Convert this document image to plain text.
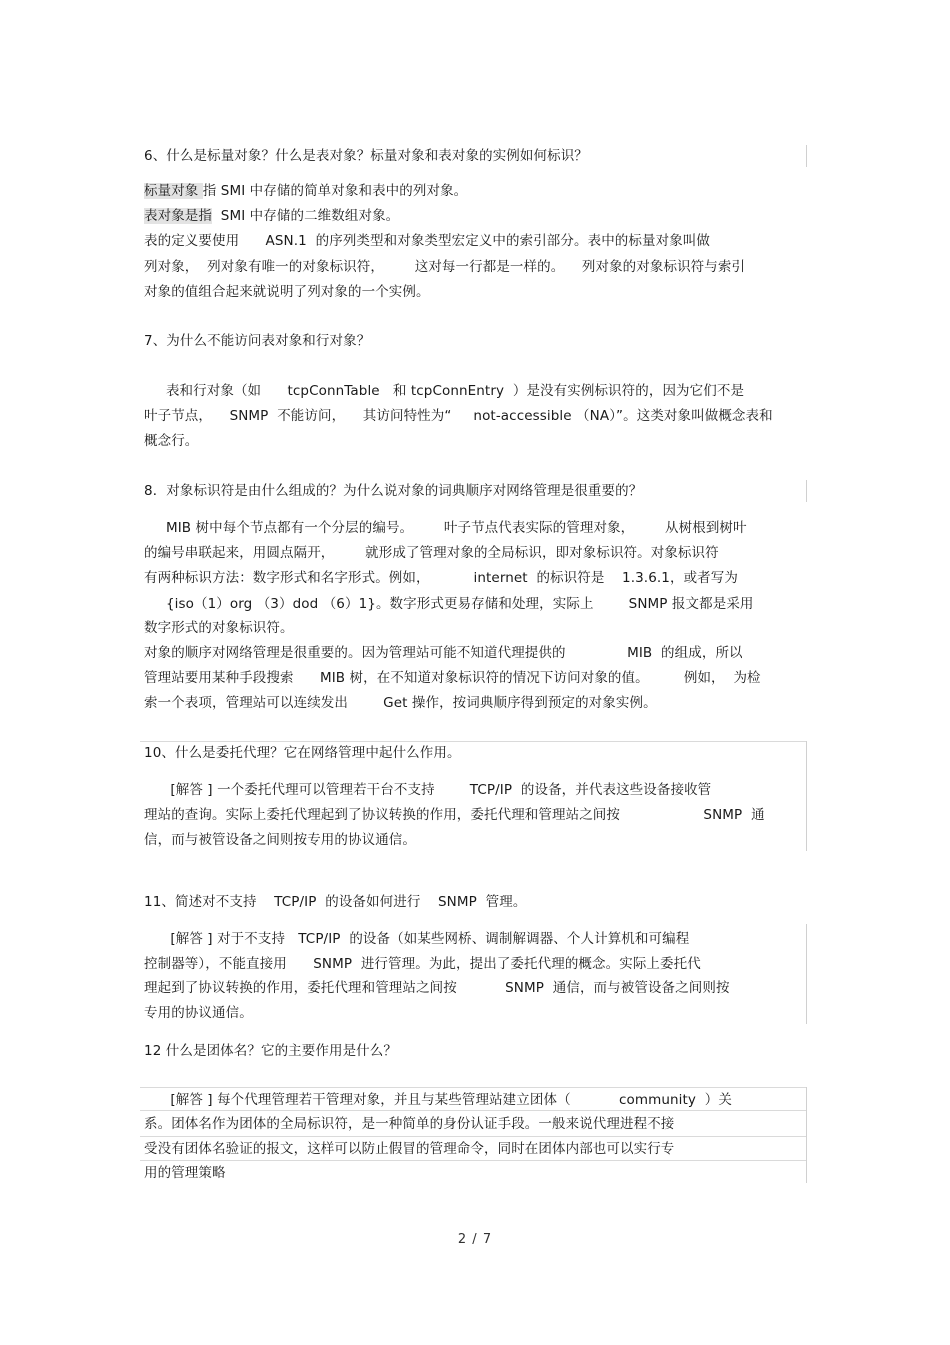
6、什么是标量对象？什么是表对象？标量对象和表对象的实例如何标识？
标量对象 指 SMI 中存储的简单对象和表中的列对象。
表对象是指  SMI 中存储的二维数组对象。
表的定义要使用      ASN.1  的序列类型和对象类型宏定义中的索引部分。表中的标量对象叫做
列对象，  列对象有唯一的对象标识符，       这对每一行都是一样的。    列对象的对象标识符与索引
对象的值组合起来就说明了列对象的一个实例。
7、为什么不能访问表对象和行对象？
表和行对象（如      tcpConnTable   和 tcpConnEntry  ）是没有实例标识符的，因为它们不是
叶子节点，    SNMP  不能访问，    其访问特性为“     not-accessible （NA）”。这类对象叫做概念表和
概念行。
8．对象标识符是由什么组成的？为什么说对象的词典顺序对网络管理是很重要的？
MIB 树中每个节点都有一个分层的编号。       叶子节点代表实际的管理对象，       从树根到树叶
的编号串联起来，用圆点隔开，       就形成了管理对象的全局标识，即对象标识符。对象标识符
有两种标识方法：数字形式和名字形式。例如，          internet  的标识符是    1.3.6.1，或者写为
{iso（1）org （3）dod （6）1}。数字形式更易存储和处理，实际上        SNMP 报文都是采用
数字形式的对象标识符。
对象的顺序对网络管理是很重要的。因为管理站可能不知道代理提供的              MIB  的组成，所以
管理站要用某种手段搜索      MIB 树，在不知道对象标识符的情况下访问对象的值。        例如，  为检
索一个表项，管理站可以连续发出        Get 操作，按词典顺序得到预定的对象实例。
10、什么是委托代理？它在网络管理中起什么作用。
[解答 ] 一个委托代理可以管理若干台不支持        TCP/IP  的设备，并代表这些设备接收管
理站的查询。实际上委托代理起到了协议转换的作用，委托代理和管理站之间按                   SNMP  通
信，而与被管设备之间则按专用的协议通信。
11、简述对不支持    TCP/IP  的设备如何进行    SNMP  管理。
[解答 ] 对于不支持   TCP/IP  的设备（如某些网桥、调制解调器、个人计算机和可编程
控制器等），不能直接用      SNMP  进行管理。为此，提出了委托代理的概念。实际上委托代
理起到了协议转换的作用，委托代理和管理站之间按           SNMP  通信，而与被管设备之间则按
专用的协议通信。
12 什么是团体名？它的主要作用是什么？
[解答 ] 每个代理管理若干管理对象，并且与某些管理站建立团体（           community  ）关
系。团体名作为团体的全局标识符，是一种简单的身份认证手段。一般来说代理进程不接
受没有团体名验证的报文，这样可以防止假冒的管理命令，同时在团体内部也可以实行专
用的管理策略
2 / 7
